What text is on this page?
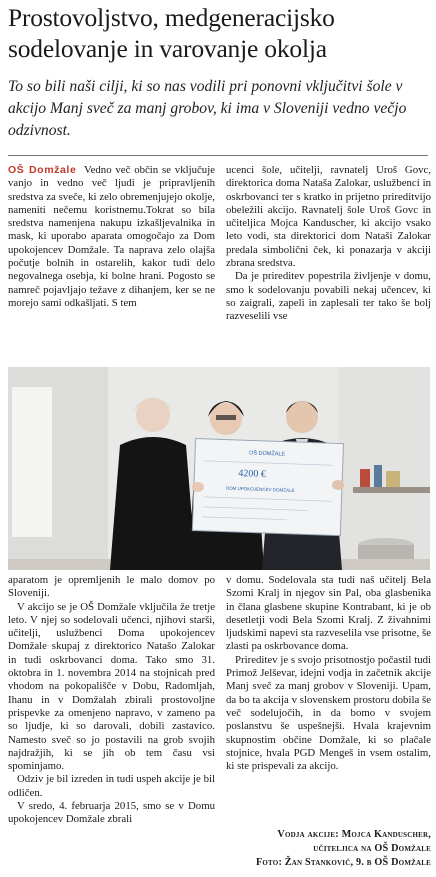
Prostovoljstvo, medgeneracijsko sodelovanje in varovanje okolja

To so bili naši cilji, ki so nas vodili pri ponovni vključitvi šole v akcijo Manj sveč za manj grobov, ki ima v Sloveniji vedno večjo odzivnost.

OŠ Domžale Vedno več občin se vključuje vanjo in vedno več ljudi je pripravljenih sredstva za sveče, ki zelo obremenjujejo okolje, nameniti nečemu koristnemu.Tokrat so bila sredstva namenjena nakupu izkašljevalnika in mask, ki uporabo aparata omogočajo za Dom upokojencev Domžale. Ta naprava zelo olajša počutje bolnih in ostarelih, kakor tudi delo negovalnega osebja, ki bolne hrani. Pogosto se namreč pojavljajo težave z dihanjem, ker se ne morejo sami odkašljati. S tem

ucenci šole, učitelji, ravnatelj Uroš Govc, direktorica doma Nataša Zalokar, uslužbenci in oskrbovanci ter s kratko in prijetno prireditvijo obeležili akcijo. Ravnatelj šole Uroš Govc in učiteljica Mojca Kanduscher, ki akcijo vsako leto vodi, sta direktorici dom Nataši Zalokar predala simbolični ček, ki ponazarja v akciji zbrana sredstva.

Da je prireditev popestrila življenje v domu, smo k sodelovanju povabili nekaj učencev, ki so zaigrali, zapeli in zaplesali ter tako še bolj razveselili vse

OŠ DOMŽALE
4200 €
DOM UPOKOJENCEV DOMŽALE

aparatom je opremljenih le malo domov po Sloveniji.

V akcijo se je OŠ Domžale vključila že tretje leto. V njej so sodelovali učenci, njihovi starši, učitelji, uslužbenci Doma upokojencev Domžale skupaj z direktorico Natašo Zalokar in tudi oskrbovanci doma. Tako smo 31. oktobra in 1. novembra 2014 na stojnicah pred vhodom na pokopališče v Dobu, Radomljah, Ihanu in v Domžalah zbirali prostovoljne prispevke za omenjeno napravo, v zameno pa so ljudje, ki so darovali, dobili zastavico. Namesto sveč so jo postavili na grob svojih najdražjih, ki se jih ob tem času vsi spominjamo.

Odziv je bil izreden in tudi uspeh akcije je bil odličen.

V sredo, 4. februarja 2015, smo se v Domu upokojencev Domžale zbrali

v domu. Sodelovala sta tudi naš učitelj Bela Szomi Kralj in njegov sin Pal, oba glasbenika in člana glasbene skupine Kontrabant, ki je ob desetletji vodi Bela Szomi Kralj. Z živahnimi ljudskimi napevi sta razveselila vse prisotne, še zlasti pa oskrbovance doma.

Prireditev je s svojo prisotnostjo počastil tudi Primož Jelševar, idejni vodja in začetnik akcije Manj sveč za manj grobov v Sloveniji. Upam, da bo ta akcija v slovenskem prostoru dobila še več sodelujočih, in da bomo v svojem poslanstvu še uspešnejši. Hvala krajevnim skupnostim občine Domžale, ki so plačale stojnice, hvala PGD Mengeš in vsem ostalim, ki ste prispevali za akcijo.

Vodja akcije: Mojca Kanduscher,
učiteljica na OŠ Domžale
Foto: Žan Stankovič, 9. b OŠ Domžale
